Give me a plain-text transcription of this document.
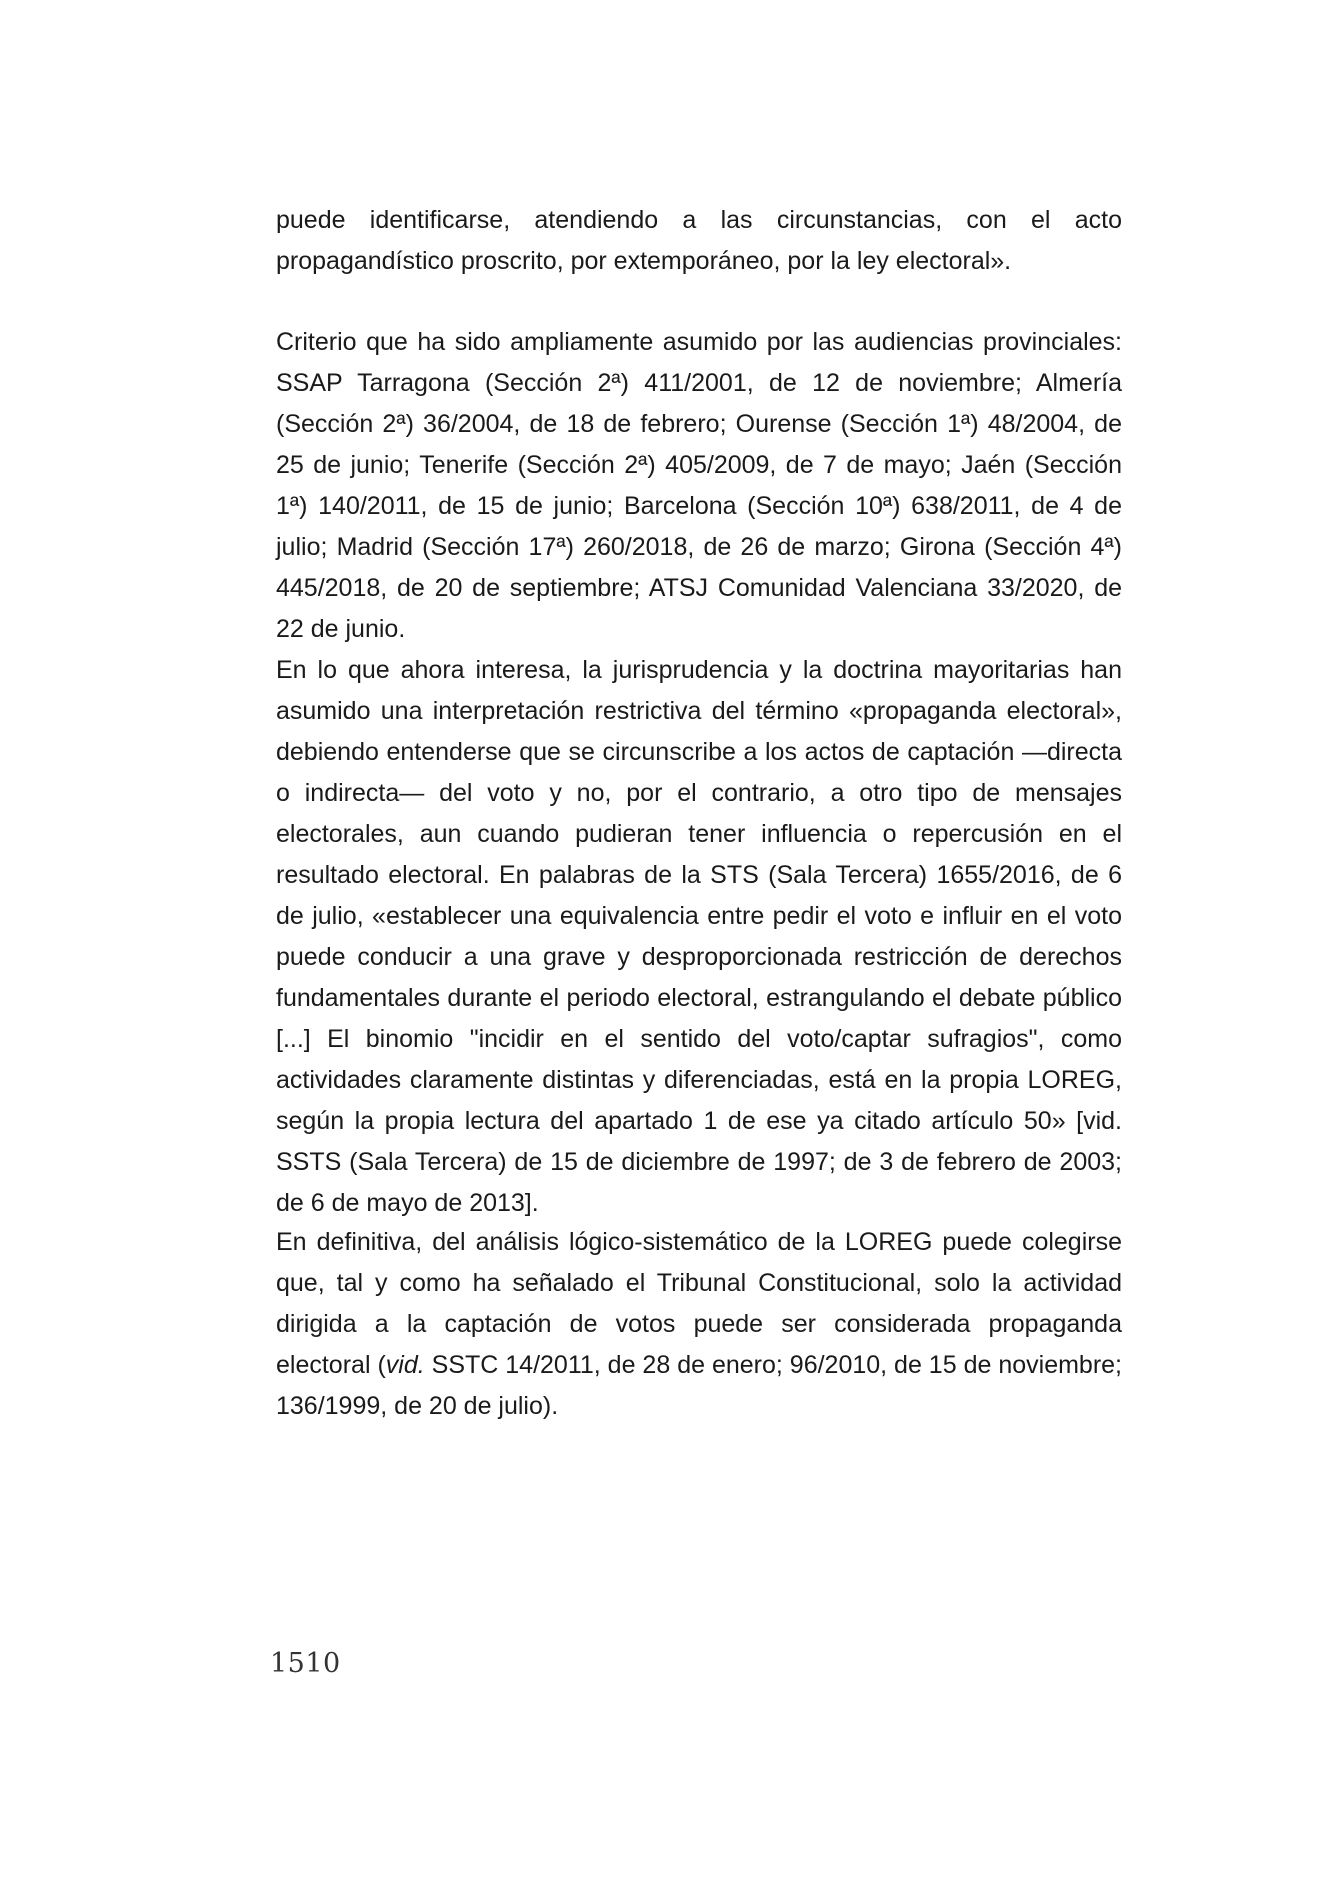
puede identificarse, atendiendo a las circunstancias, con el acto propagandístico proscrito, por extemporáneo, por la ley electoral».

Criterio que ha sido ampliamente asumido por las audiencias provinciales: SSAP Tarragona (Sección 2ª) 411/2001, de 12 de noviembre; Almería (Sección 2ª) 36/2004, de 18 de febrero; Ourense (Sección 1ª) 48/2004, de 25 de junio; Tenerife (Sección 2ª) 405/2009, de 7 de mayo; Jaén (Sección 1ª) 140/2011, de 15 de junio; Barcelona (Sección 10ª) 638/2011, de 4 de julio; Madrid (Sección 17ª) 260/2018, de 26 de marzo; Girona (Sección 4ª) 445/2018, de 20 de septiembre; ATSJ Comunidad Valenciana 33/2020, de 22 de junio.

En lo que ahora interesa, la jurisprudencia y la doctrina mayoritarias han asumido una interpretación restrictiva del término «propaganda electoral», debiendo entenderse que se circunscribe a los actos de captación —directa o indirecta— del voto y no, por el contrario, a otro tipo de mensajes electorales, aun cuando pudieran tener influencia o repercusión en el resultado electoral. En palabras de la STS (Sala Tercera) 1655/2016, de 6 de julio, «establecer una equivalencia entre pedir el voto e influir en el voto puede conducir a una grave y desproporcionada restricción de derechos fundamentales durante el periodo electoral, estrangulando el debate público [...] El binomio "incidir en el sentido del voto/captar sufragios", como actividades claramente distintas y diferenciadas, está en la propia LOREG, según la propia lectura del apartado 1 de ese ya citado artículo 50» [vid. SSTS (Sala Tercera) de 15 de diciembre de 1997; de 3 de febrero de 2003; de 6 de mayo de 2013].

En definitiva, del análisis lógico-sistemático de la LOREG puede colegirse que, tal y como ha señalado el Tribunal Constitucional, solo la actividad dirigida a la captación de votos puede ser considerada propaganda electoral (vid. SSTC 14/2011, de 28 de enero; 96/2010, de 15 de noviembre; 136/1999, de 20 de julio).

1510
